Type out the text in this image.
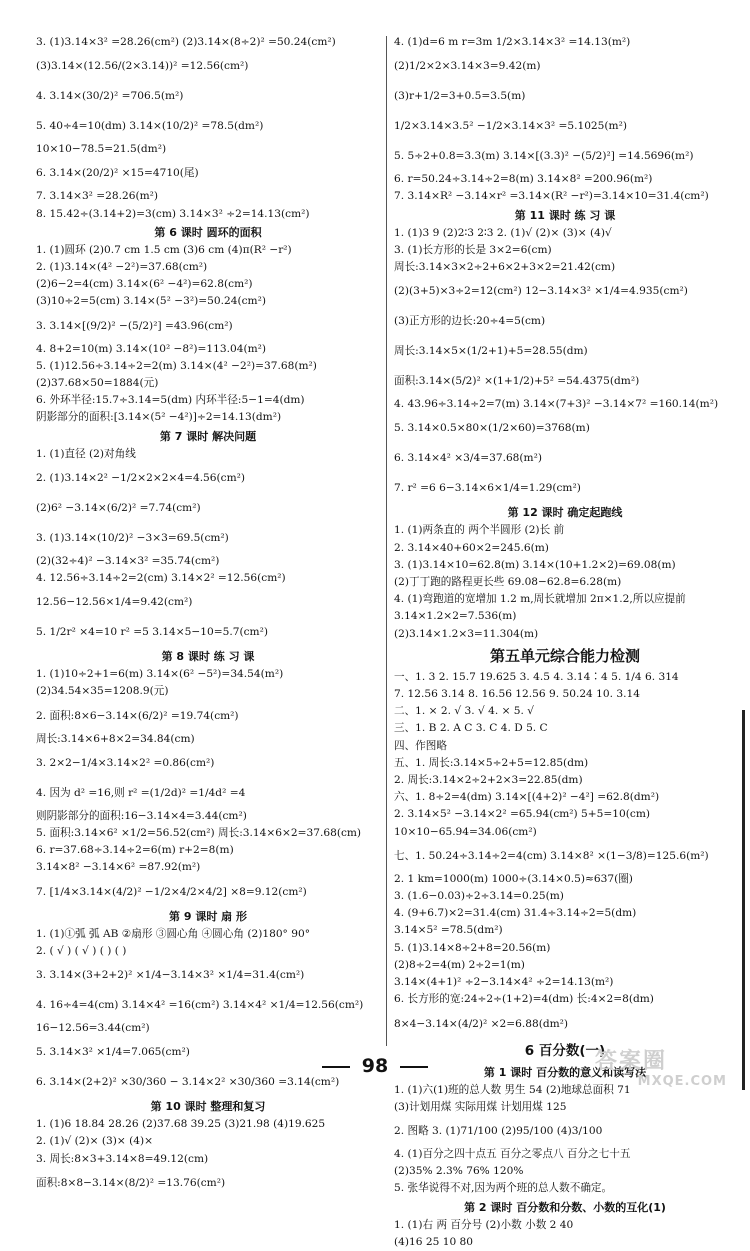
3. (1)3.14×3² =28.26(cm²) (2)3.14×(8÷2)² =50.24(cm²)
(3)3.14×(12.56/(2×3.14))² =12.56(cm²)
4. 3.14×(30/2)² =706.5(m²)
5. 40÷4=10(dm) 3.14×(10/2)² =78.5(dm²)
10×10−78.5=21.5(dm²)
6. 3.14×(20/2)² ×15=4710(尾)
7. 3.14×3² =28.26(m²)
8. 15.42÷(3.14+2)=3(cm) 3.14×3² ÷2=14.13(cm²)
第 6 课时 圆环的面积
1. (1)圆环 (2)0.7 cm 1.5 cm (3)6 cm (4)π(R² −r²)
2. (1)3.14×(4² −2²)=37.68(cm²)
(2)6−2=4(cm) 3.14×(6² −4²)=62.8(cm²)
(3)10÷2=5(cm) 3.14×(5² −3²)=50.24(cm²)
3. 3.14×[(9/2)² −(5/2)²] =43.96(cm²)
4. 8+2=10(m) 3.14×(10² −8²)=113.04(m²)
5. (1)12.56÷3.14÷2=2(m) 3.14×(4² −2²)=37.68(m²)
(2)37.68×50=1884(元)
6. 外环半径:15.7÷3.14=5(dm) 内环半径:5−1=4(dm)
阴影部分的面积:[3.14×(5² −4²)]÷2=14.13(dm²)
第 7 课时 解决问题
1. (1)直径 (2)对角线
2. (1)3.14×2² −1/2×2×2×4=4.56(cm²)
(2)6² −3.14×(6/2)² =7.74(cm²)
3. (1)3.14×(10/2)² −3×3=69.5(cm²)
(2)(32÷4)² −3.14×3² =35.74(cm²)
4. 12.56÷3.14÷2=2(cm) 3.14×2² =12.56(cm²)
12.56−12.56×1/4=9.42(cm²)
5. 1/2r² ×4=10 r² =5 3.14×5−10=5.7(cm²)
第 8 课时 练 习 课
1. (1)10÷2+1=6(m) 3.14×(6² −5²)=34.54(m²)
(2)34.54×35=1208.9(元)
2. 面积:8×6−3.14×(6/2)² =19.74(cm²)
周长:3.14×6+8×2=34.84(cm)
3. 2×2−1/4×3.14×2² =0.86(cm²)
4. 因为 d² =16,则 r² =(1/2d)² =1/4d² =4
则阴影部分的面积:16−3.14×4=3.44(cm²)
5. 面积:3.14×6² ×1/2=56.52(cm²) 周长:3.14×6×2=37.68(cm)
6. r=37.68÷3.14÷2=6(m) r+2=8(m)
3.14×8² −3.14×6² =87.92(m²)
7. [1/4×3.14×(4/2)² −1/2×4/2×4/2] ×8=9.12(cm²)
第 9 课时 扇 形
1. (1)①弧 弧 AB ②扇形 ③圆心角 ④圆心角 (2)180° 90°
2. ( √ ) ( √ ) ( ) ( )
3. 3.14×(3+2+2)² ×1/4−3.14×3² ×1/4=31.4(cm²)
4. 16÷4=4(cm) 3.14×4² =16(cm²) 3.14×4² ×1/4=12.56(cm²)
16−12.56=3.44(cm²)
5. 3.14×3² ×1/4=7.065(cm²)
6. 3.14×(2+2)² ×30/360 − 3.14×2² ×30/360 =3.14(cm²)
第 10 课时 整理和复习
1. (1)6 18.84 28.26 (2)37.68 39.25 (3)21.98 (4)19.625
2. (1)√ (2)× (3)× (4)×
3. 周长:8×3+3.14×8=49.12(cm)
面积:8×8−3.14×(8/2)² =13.76(cm²)
4. (1)d=6 m r=3m 1/2×3.14×3² =14.13(m²)
(2)1/2×2×3.14×3=9.42(m)
(3)r+1/2=3+0.5=3.5(m)
1/2×3.14×3.5² −1/2×3.14×3² =5.1025(m²)
5. 5÷2+0.8=3.3(m) 3.14×[(3.3)² −(5/2)²] =14.5696(m²)
6. r=50.24÷3.14÷2=8(m) 3.14×8² =200.96(m²)
7. 3.14×R² −3.14×r² =3.14×(R² −r²)=3.14×10=31.4(cm²)
第 11 课时 练 习 课
1. (1)3 9 (2)2∶3 2∶3 2. (1)√ (2)× (3)× (4)√
3. (1)长方形的长是 3×2=6(cm)
周长:3.14×3×2÷2+6×2+3×2=21.42(cm)
(2)(3+5)×3÷2=12(cm²) 12−3.14×3² ×1/4=4.935(cm²)
(3)正方形的边长:20÷4=5(cm)
周长:3.14×5×(1/2+1)+5=28.55(dm)
面积:3.14×(5/2)² ×(1+1/2)+5² =54.4375(dm²)
4. 43.96÷3.14÷2=7(m) 3.14×(7+3)² −3.14×7² =160.14(m²)
5. 3.14×0.5×80×(1/2×60)=3768(m)
6. 3.14×4² ×3/4=37.68(m²)
7. r² =6 6−3.14×6×1/4=1.29(cm²)
第 12 课时 确定起跑线
1. (1)两条直的 两个半圆形 (2)长 前
2. 3.14×40+60×2=245.6(m)
3. (1)3.14×10=62.8(m) 3.14×(10+1.2×2)=69.08(m)
(2)丁丁跑的路程更长些 69.08−62.8=6.28(m)
4. (1)弯跑道的宽增加 1.2 m,周长就增加 2π×1.2,所以应提前
3.14×1.2×2=7.536(m)
(2)3.14×1.2×3=11.304(m)
第五单元综合能力检测
一、1. 3 2. 15.7 19.625 3. 4.5 4. 3.14∶4 5. 1/4 6. 314
7. 12.56 3.14 8. 16.56 12.56 9. 50.24 10. 3.14
二、1. × 2. √ 3. √ 4. × 5. √
三、1. B 2. A C 3. C 4. D 5. C
四、作图略
五、1. 周长:3.14×5÷2+5=12.85(dm)
2. 周长:3.14×2÷2+2×3=22.85(dm)
六、1. 8÷2=4(dm) 3.14×[(4+2)² −4²] =62.8(dm²)
2. 3.14×5² −3.14×2² =65.94(cm²) 5+5=10(cm)
10×10−65.94=34.06(cm²)
七、1. 50.24÷3.14÷2=4(cm) 3.14×8² ×(1−3/8)=125.6(m²)
2. 1 km=1000(m) 1000÷(3.14×0.5)≈637(圈)
3. (1.6−0.03)÷2÷3.14=0.25(m)
4. (9+6.7)×2=31.4(cm) 31.4÷3.14÷2=5(dm)
3.14×5² =78.5(dm²)
5. (1)3.14×8÷2+8=20.56(m)
(2)8÷2=4(m) 2÷2=1(m)
3.14×(4+1)² ÷2−3.14×4² ÷2=14.13(m²)
6. 长方形的宽:24÷2÷(1+2)=4(dm) 长:4×2=8(dm)
8×4−3.14×(4/2)² ×2=6.88(dm²)
6 百分数(一)
第 1 课时 百分数的意义和读写法
1. (1)六(1)班的总人数 男生 54 (2)地球总面积 71
(3)计划用煤 实际用煤 计划用煤 125
2. 图略 3. (1)71/100 (2)95/100 (4)3/100
4. (1)百分之四十点五 百分之零点八 百分之七十五
(2)35% 2.3% 76% 120%
5. 张华说得不对,因为两个班的总人数不确定。
第 2 课时 百分数和分数、小数的互化(1)
1. (1)右 两 百分号 (2)小数 小数 2 40
(4)16 25 10 80
98	答案圈
MXQE.COM
